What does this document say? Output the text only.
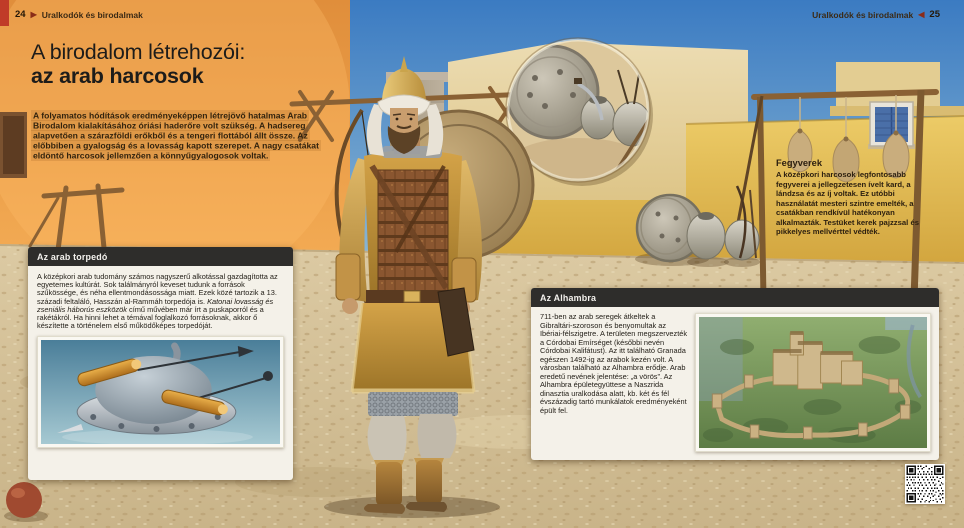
24 ▶ Uralkodók és birodalmak	Uralkodók és birodalmak ◀ 25
A birodalom létrehozói:
az arab harcosok

A folyamatos hódítások eredményeképpen létrejövő hatalmas Arab Birodalom kialakításához óriási haderőre volt szükség. A hadsereg alapvetően a szárazföldi erőkből és a tengeri flottából állt össze. Az előbbiben a gyalogság és a lovasság kapott szerepet. A nagy csatákat eldöntő harcosok jellemzően a könnyűgyalogosok voltak.

Az arab torpedó

A középkori arab tudomány számos nagyszerű alkotással gazdagította az egyetemes kultúrát. Sok találmányról keveset tudunk a források szűkössége, és néha ellentmondásossága miatt. Ezek közé tartozik a 13. századi feltaláló, Hasszán al-Rammáh torpedója is. Katonai lovasság és zseniális háborús eszközök című művében már írt a puskaporról és a rakétákról. Ha hinni lehet a témával foglalkozó forrásoknak, akkor ő készítette a történelem első működőképes torpedóját.

Fegyverek

A középkori harcosok legfontosabb fegyverei a jellegzetesen ívelt kard, a lándzsa és az íj voltak. Ez utóbbi használatát mesteri szintre emelték, a csatákban rendkívül hatékonyan alkalmazták. Testüket kerek pajzzsal és pikkelyes mellvérttel védték.

Az Alhambra

711-ben az arab seregek átkeltek a Gibraltári-szoroson és benyomultak az Ibériai-félszigetre. A területen megszervezték a Córdobai Emírséget (későbbi nevén Córdobai Kalifátust). Az itt található Granada egészen 1492-ig az arabok kezén volt. A városban található az Alhambra erődje. Arab eredetű nevének jelentése: „a vörös”. Az Alhambra épületegyüttese a Naszrida dinasztia uralkodása alatt, kb. két és fél évszázadig tartó munkálatok eredményeként épült fel.
